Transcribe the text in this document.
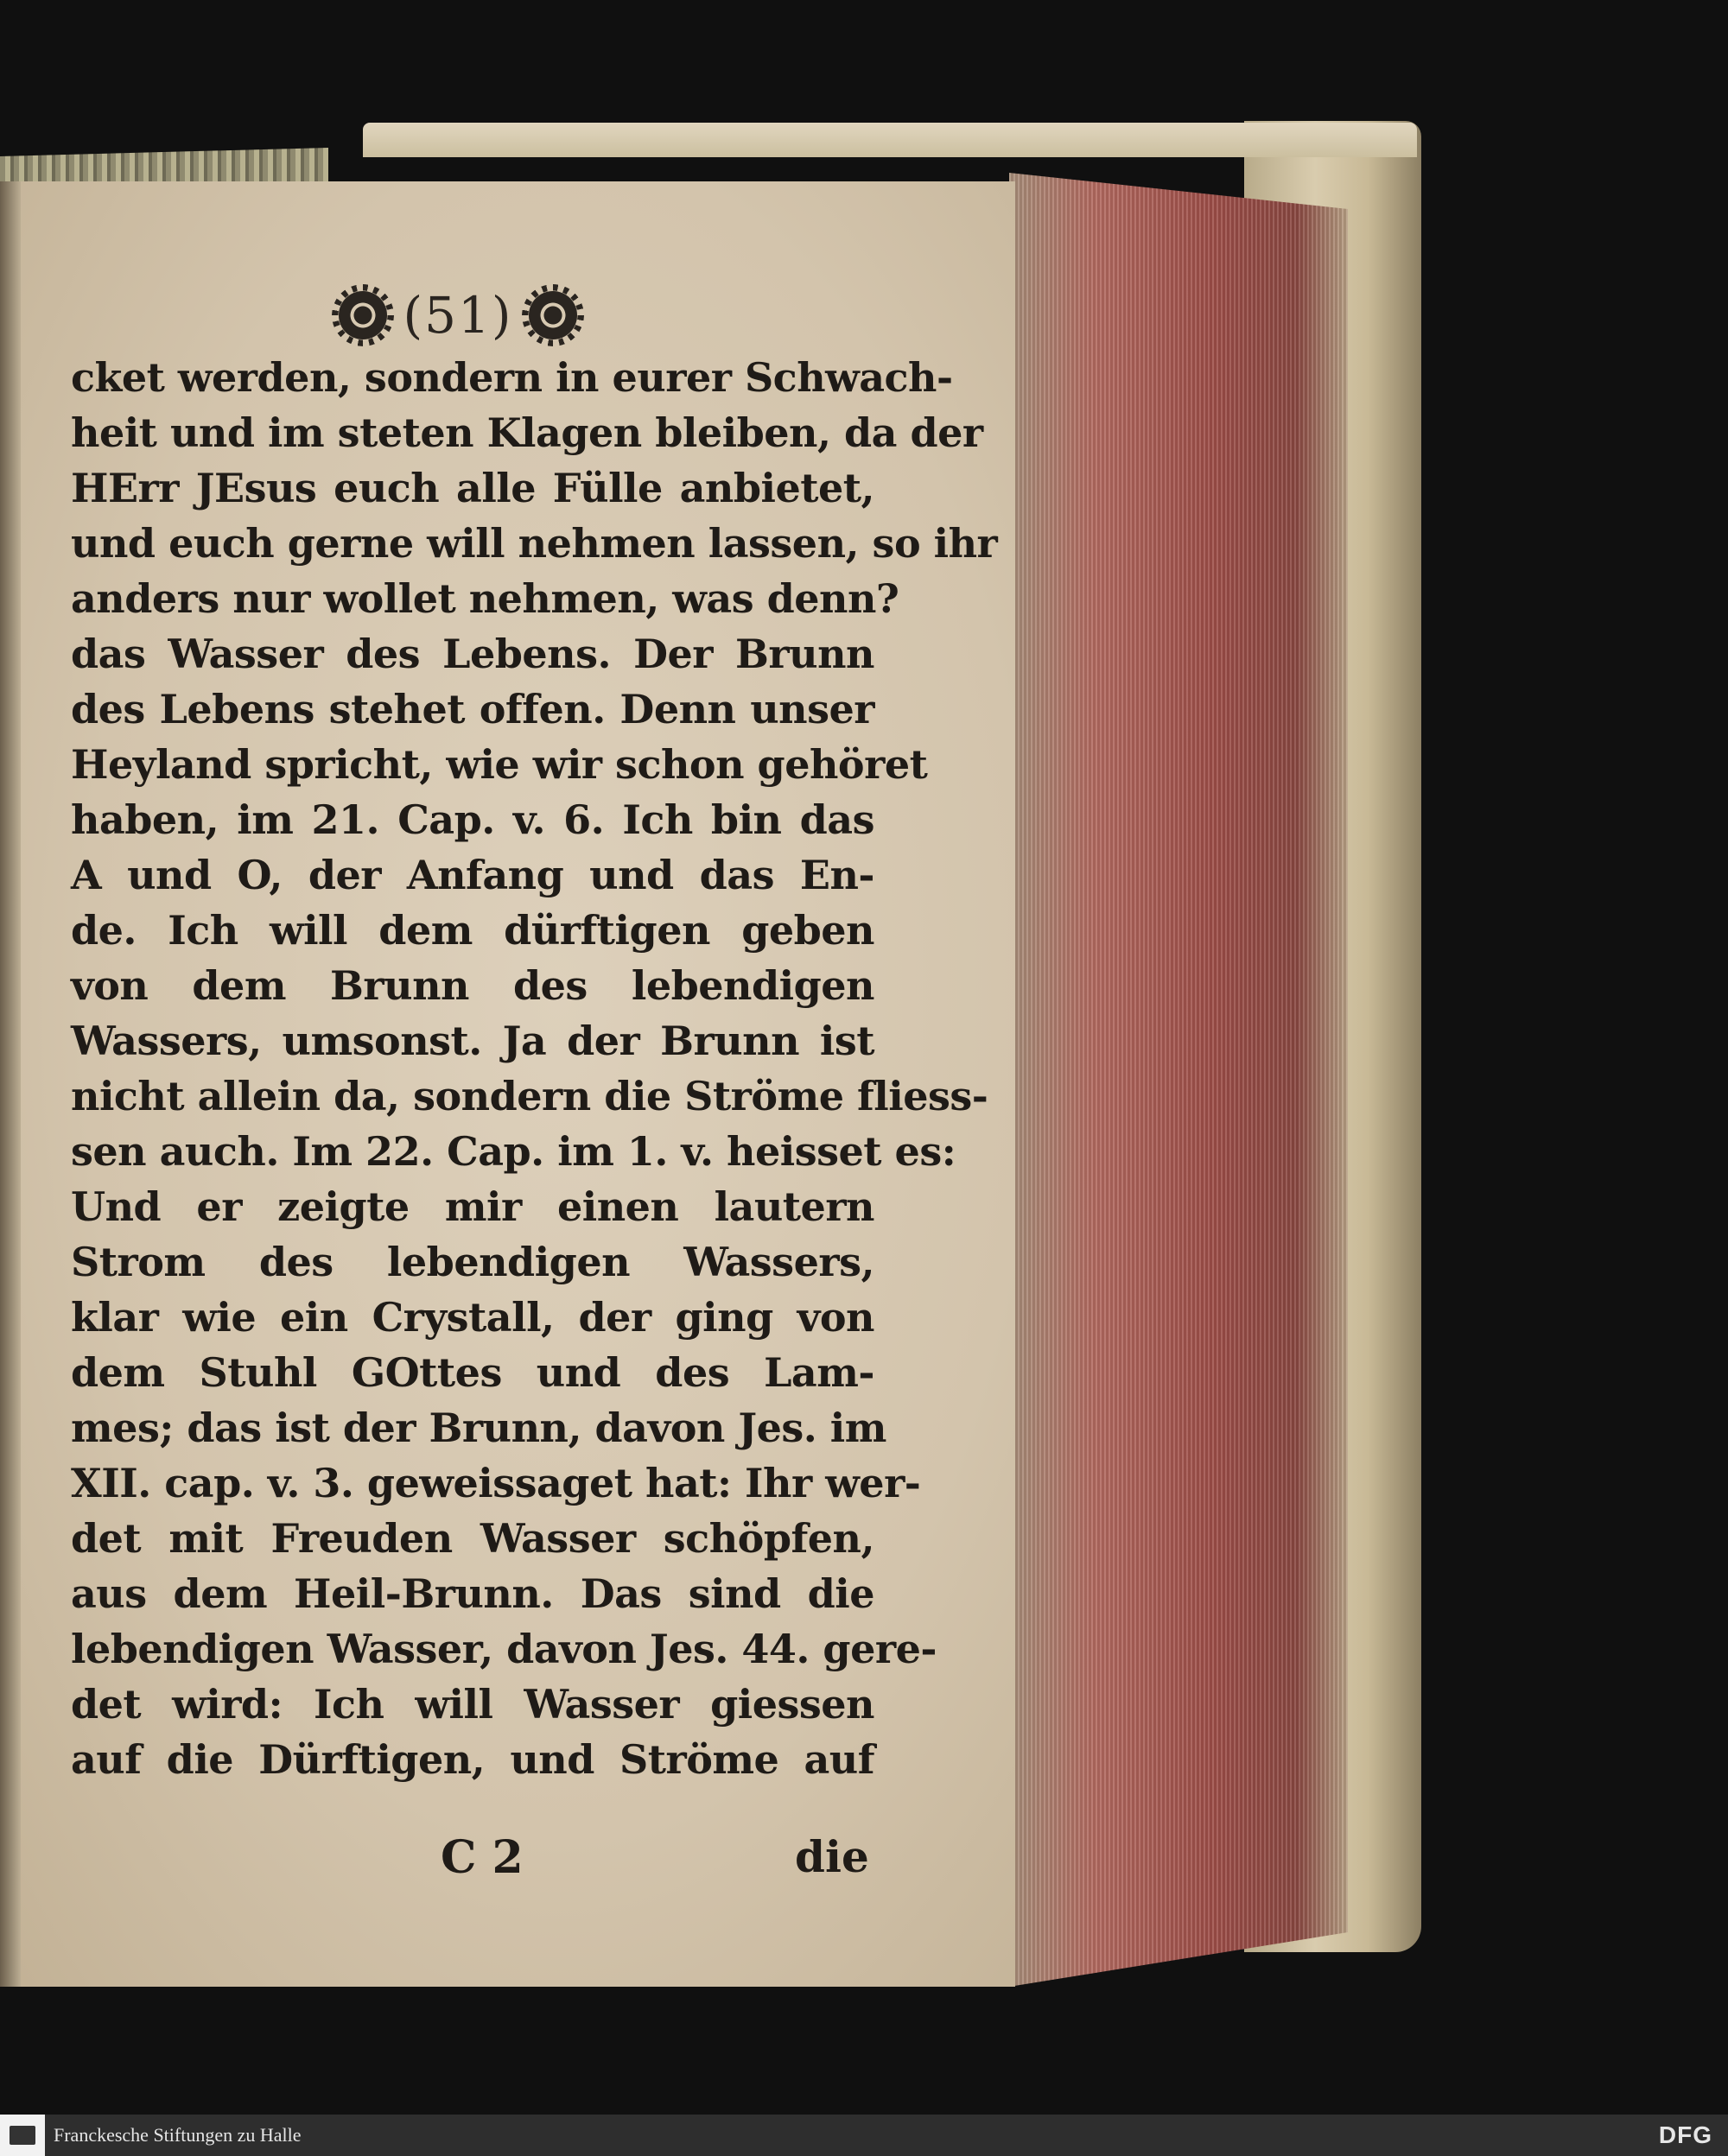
(51)
cket werden, sondern in eurer Schwach-
heit und im steten Klagen bleiben, da der
HErr JEsus euch alle Fülle anbietet,
und euch gerne will nehmen lassen, so ihr
anders nur wollet nehmen, was denn?
das Wasser des Lebens. Der Brunn
des Lebens stehet offen. Denn unser
Heyland spricht, wie wir schon gehöret
haben, im 21. Cap. v. 6. Ich bin das
A und O, der Anfang und das En-
de. Ich will dem dürftigen geben
von dem Brunn des lebendigen
Wassers, umsonst. Ja der Brunn ist
nicht allein da, sondern die Ströme fliess-
sen auch. Im 22. Cap. im 1. v. heisset es:
Und er zeigte mir einen lautern
Strom des lebendigen Wassers,
klar wie ein Crystall, der ging von
dem Stuhl GOttes und des Lam-
mes; das ist der Brunn, davon Jes. im
XII. cap. v. 3. geweissaget hat: Ihr wer-
det mit Freuden Wasser schöpfen,
aus dem Heil-Brunn. Das sind die
lebendigen Wasser, davon Jes. 44. gere-
det wird: Ich will Wasser giessen
auf die Dürftigen, und Ströme auf
C 2	die
Franckesche Stiftungen zu Halle	DFG
